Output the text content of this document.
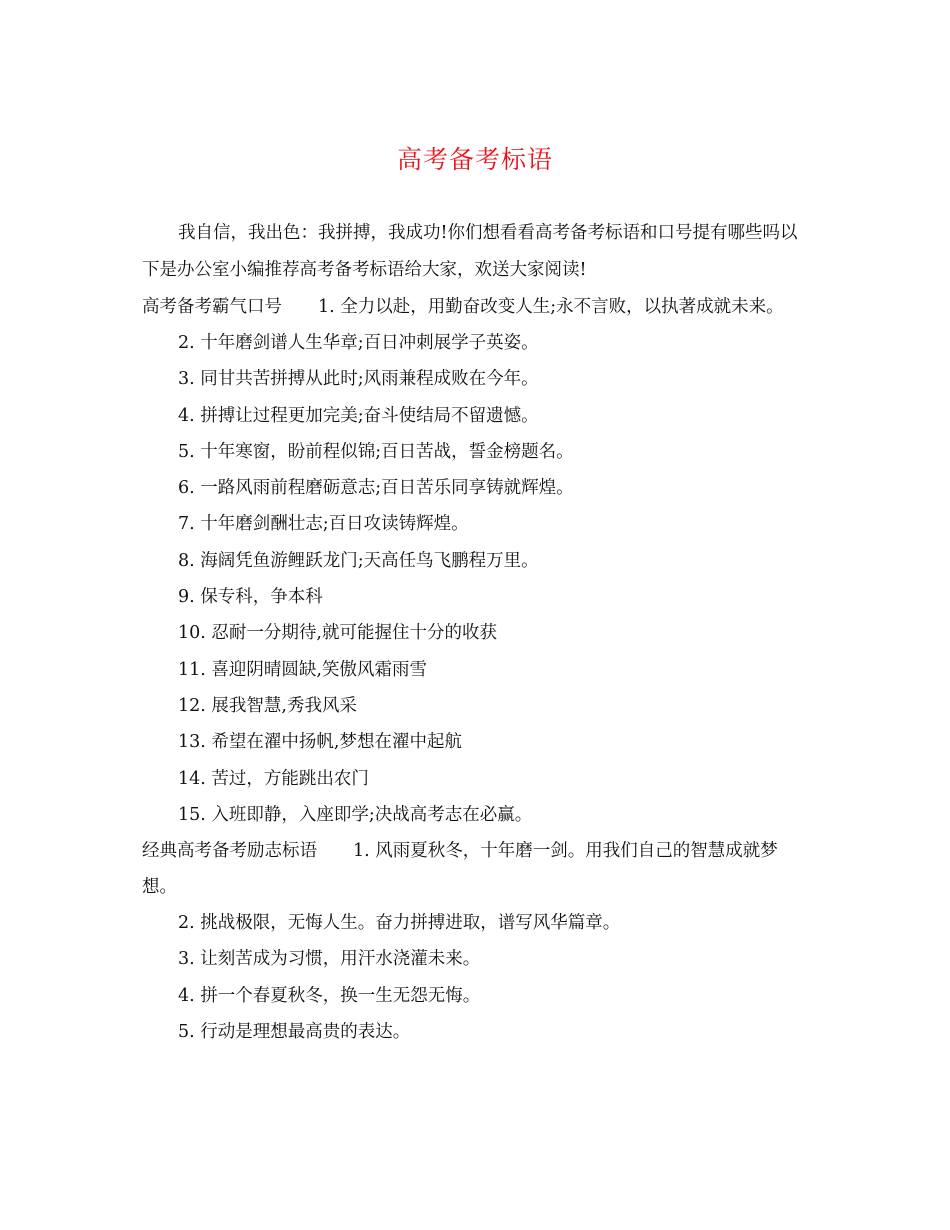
高考备考标语

我自信，我出色：我拼搏，我成功!你们想看看高考备考标语和口号提有哪些吗以下是办公室小编推荐高考备考标语给大家，欢送大家阅读!

高考备考霸气口号 1. 全力以赴，用勤奋改变人生;永不言败，以执著成就未来。

2. 十年磨剑谱人生华章;百日冲刺展学子英姿。

3. 同甘共苦拼搏从此时;风雨兼程成败在今年。

4. 拼搏让过程更加完美;奋斗使结局不留遗憾。

5. 十年寒窗，盼前程似锦;百日苦战，誓金榜题名。

6. 一路风雨前程磨砺意志;百日苦乐同享铸就辉煌。

7. 十年磨剑酬壮志;百日攻读铸辉煌。

8. 海阔凭鱼游鲤跃龙门;天高任鸟飞鹏程万里。

9. 保专科，争本科

10. 忍耐一分期待,就可能握住十分的收获

11. 喜迎阴晴圆缺,笑傲风霜雨雪

12. 展我智慧,秀我风采

13. 希望在濯中扬帆,梦想在濯中起航

14. 苦过，方能跳出农门

15. 入班即静，入座即学;决战高考志在必赢。

经典高考备考励志标语 1. 风雨夏秋冬，十年磨一剑。用我们自己的智慧成就梦想。

2. 挑战极限，无悔人生。奋力拼搏进取，谱写风华篇章。

3. 让刻苦成为习惯，用汗水浇灌未来。

4. 拼一个春夏秋冬，换一生无怨无悔。

5. 行动是理想最高贵的表达。
